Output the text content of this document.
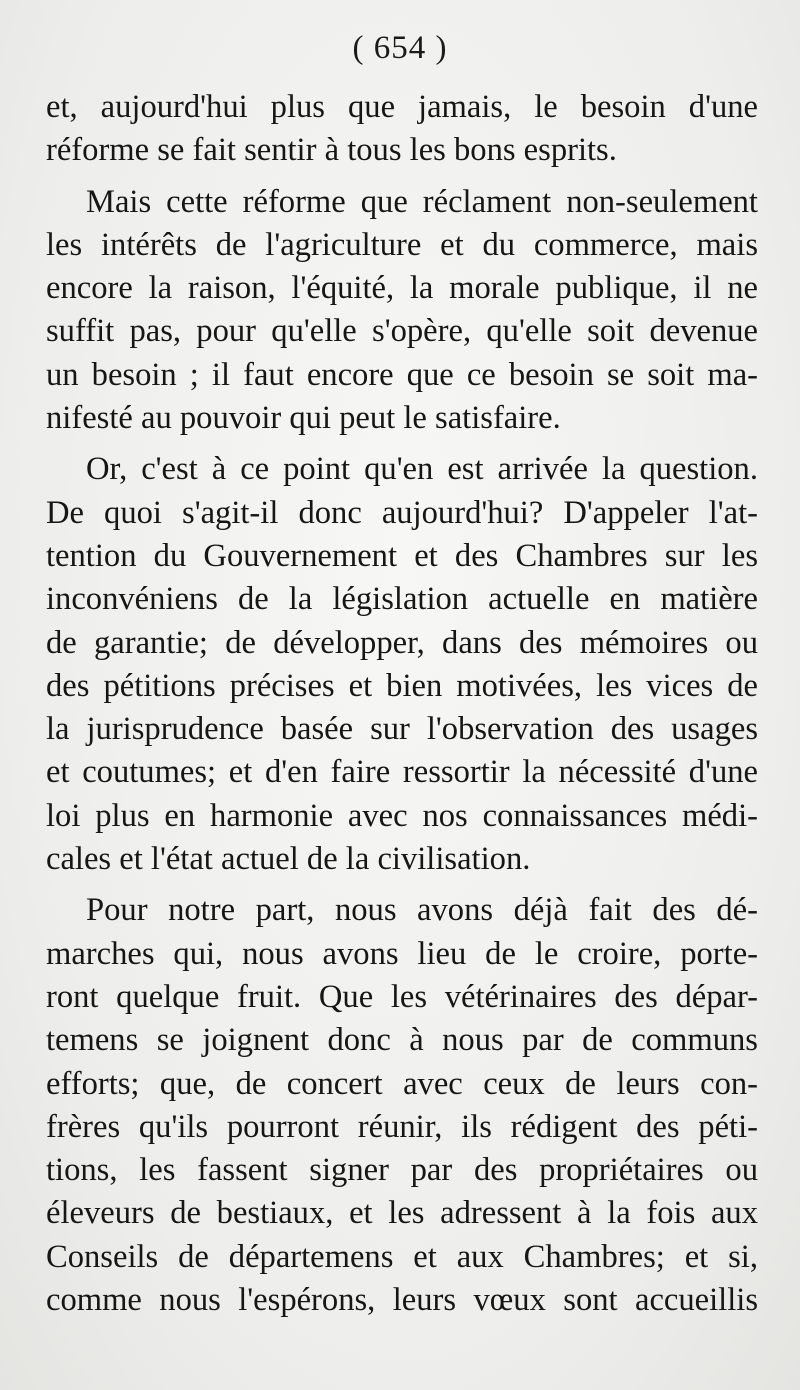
( 654 )
et, aujourd'hui plus que jamais, le besoin d'une
réforme se fait sentir à tous les bons esprits.
Mais cette réforme que réclament non-seulement
les intérêts de l'agriculture et du commerce, mais
encore la raison, l'équité, la morale publique, il ne
suffit pas, pour qu'elle s'opère, qu'elle soit devenue
un besoin ; il faut encore que ce besoin se soit ma-
nifesté au pouvoir qui peut le satisfaire.
Or, c'est à ce point qu'en est arrivée la question.
De quoi s'agit-il donc aujourd'hui? D'appeler l'at-
tention du Gouvernement et des Chambres sur les
inconvéniens de la législation actuelle en matière
de garantie; de développer, dans des mémoires ou
des pétitions précises et bien motivées, les vices de
la jurisprudence basée sur l'observation des usages
et coutumes; et d'en faire ressortir la nécessité d'une
loi plus en harmonie avec nos connaissances médi-
cales et l'état actuel de la civilisation.
Pour notre part, nous avons déjà fait des dé-
marches qui, nous avons lieu de le croire, porte-
ront quelque fruit. Que les vétérinaires des dépar-
temens se joignent donc à nous par de communs
efforts; que, de concert avec ceux de leurs con-
frères qu'ils pourront réunir, ils rédigent des péti-
tions, les fassent signer par des propriétaires ou
éleveurs de bestiaux, et les adressent à la fois aux
Conseils de départemens et aux Chambres; et si,
comme nous l'espérons, leurs vœux sont accueillis
